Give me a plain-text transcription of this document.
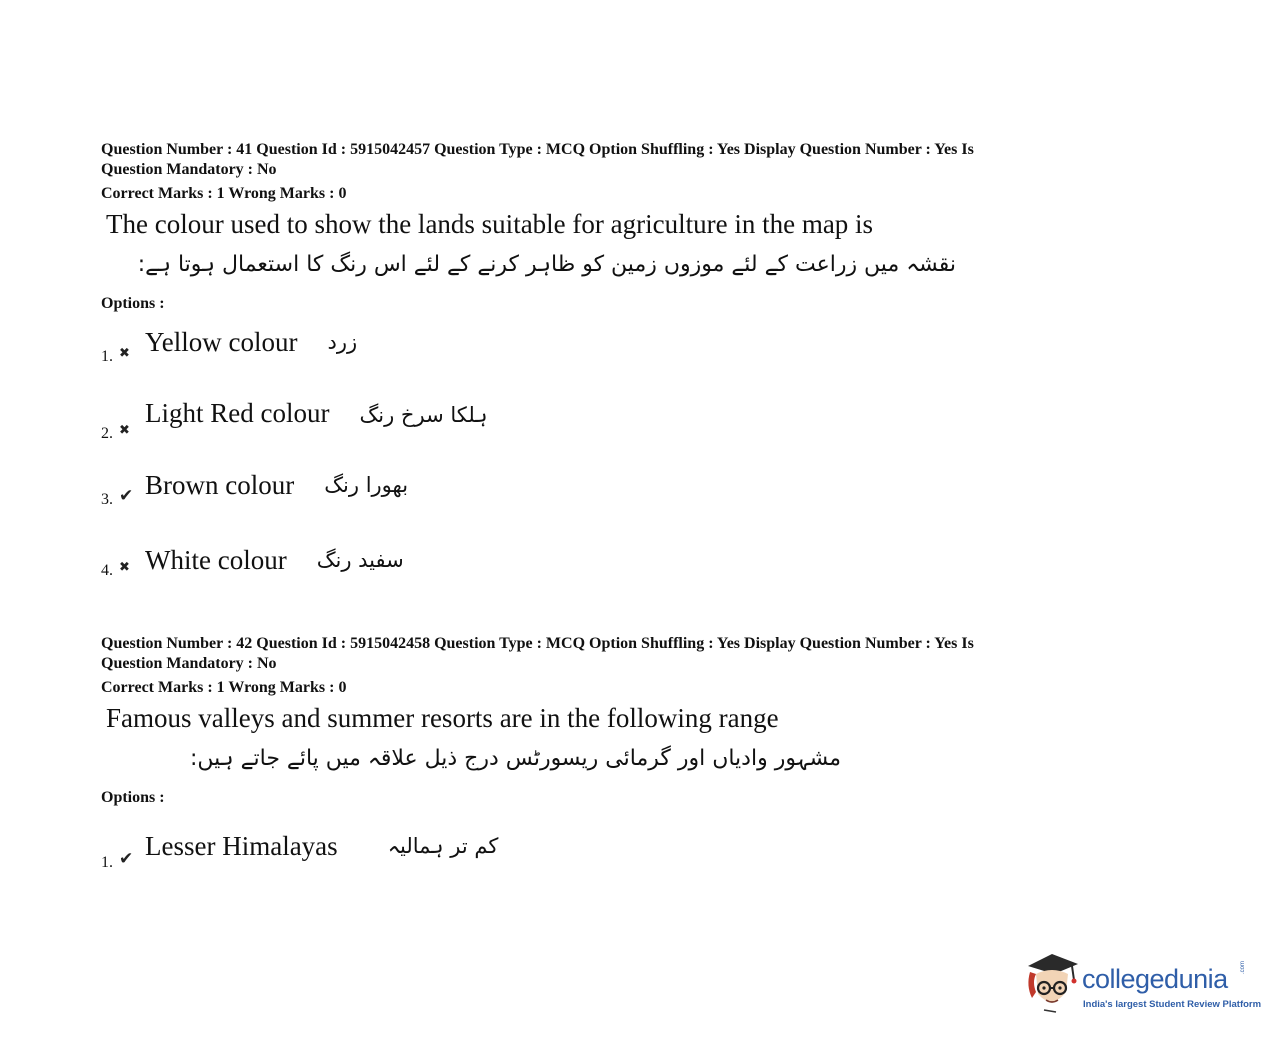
Question Number : 41 Question Id : 5915042457 Question Type : MCQ Option Shuffling : Yes Display Question Number : Yes Is

Question Mandatory : No

Correct Marks : 1 Wrong Marks : 0

The colour used to show the lands suitable for agriculture in the map is
نقشہ میں زراعت کے لئے موزوں زمین کو ظاہر کرنے کے لئے اس رنگ کا استعمال ہوتا ہے:
Options :
1. ✖ Yellow colour زرد
2. ✖
Light Red colour ہلکا سرخ رنگ
3. ✔ Brown colour بھورا رنگ
4. ✖ White colour سفید رنگ

Question Number : 42 Question Id : 5915042458 Question Type : MCQ Option Shuffling : Yes Display Question Number : Yes Is

Question Mandatory : No

Correct Marks : 1 Wrong Marks : 0

Famous valleys and summer resorts are in the following range
مشہور وادیاں اور گرمائی ریسورٹس درج ذیل علاقہ میں پائے جاتے ہیں:
Options :
1. ✔ Lesser Himalayas کم تر ہمالیہ
collegedunia .com
India's largest Student Review Platform
